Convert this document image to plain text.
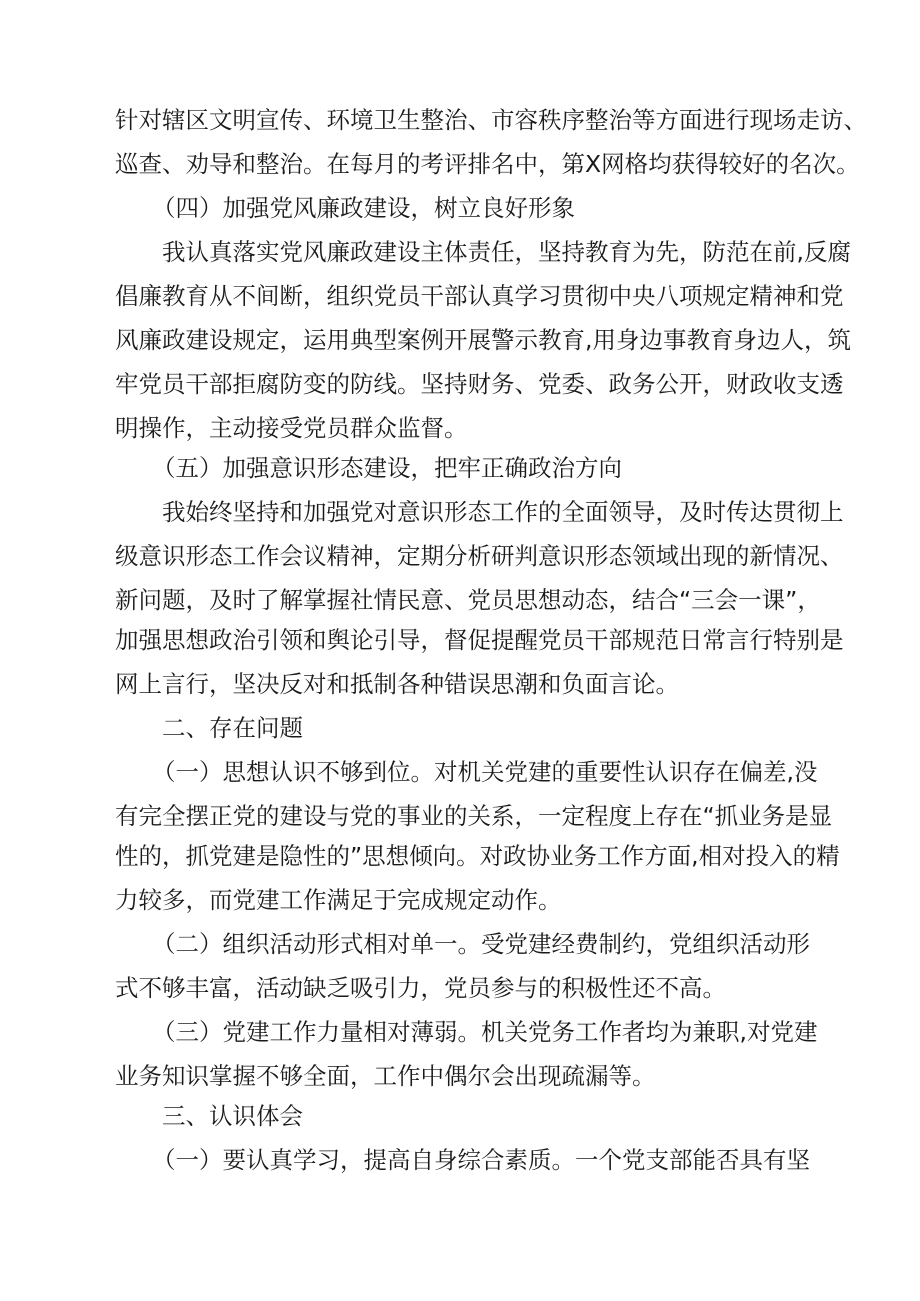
针对辖区文明宣传、环境卫生整治、市容秩序整治等方面进行现场走访、
巡查、劝导和整治。在每月的考评排名中，第X网格均获得较好的名次。
（四）加强党风廉政建设，树立良好形象
我认真落实党风廉政建设主体责任，坚持教育为先，防范在前,反腐
倡廉教育从不间断，组织党员干部认真学习贯彻中央八项规定精神和党
风廉政建设规定，运用典型案例开展警示教育,用身边事教育身边人，筑
牢党员干部拒腐防变的防线。坚持财务、党委、政务公开，财政收支透
明操作，主动接受党员群众监督。
（五）加强意识形态建设，把牢正确政治方向
我始终坚持和加强党对意识形态工作的全面领导，及时传达贯彻上
级意识形态工作会议精神，定期分析研判意识形态领域出现的新情况、
新问题，及时了解掌握社情民意、党员思想动态，结合“三会一课”，
加强思想政治引领和舆论引导，督促提醒党员干部规范日常言行特别是
网上言行，坚决反对和抵制各种错误思潮和负面言论。
二、存在问题
（一）思想认识不够到位。对机关党建的重要性认识存在偏差,没
有完全摆正党的建设与党的事业的关系，一定程度上存在“抓业务是显
性的，抓党建是隐性的”思想倾向。对政协业务工作方面,相对投入的精
力较多，而党建工作满足于完成规定动作。
（二）组织活动形式相对单一。受党建经费制约，党组织活动形
式不够丰富，活动缺乏吸引力，党员参与的积极性还不高。
（三）党建工作力量相对薄弱。机关党务工作者均为兼职,对党建
业务知识掌握不够全面，工作中偶尔会出现疏漏等。
三、认识体会
（一）要认真学习，提高自身综合素质。一个党支部能否具有坚
